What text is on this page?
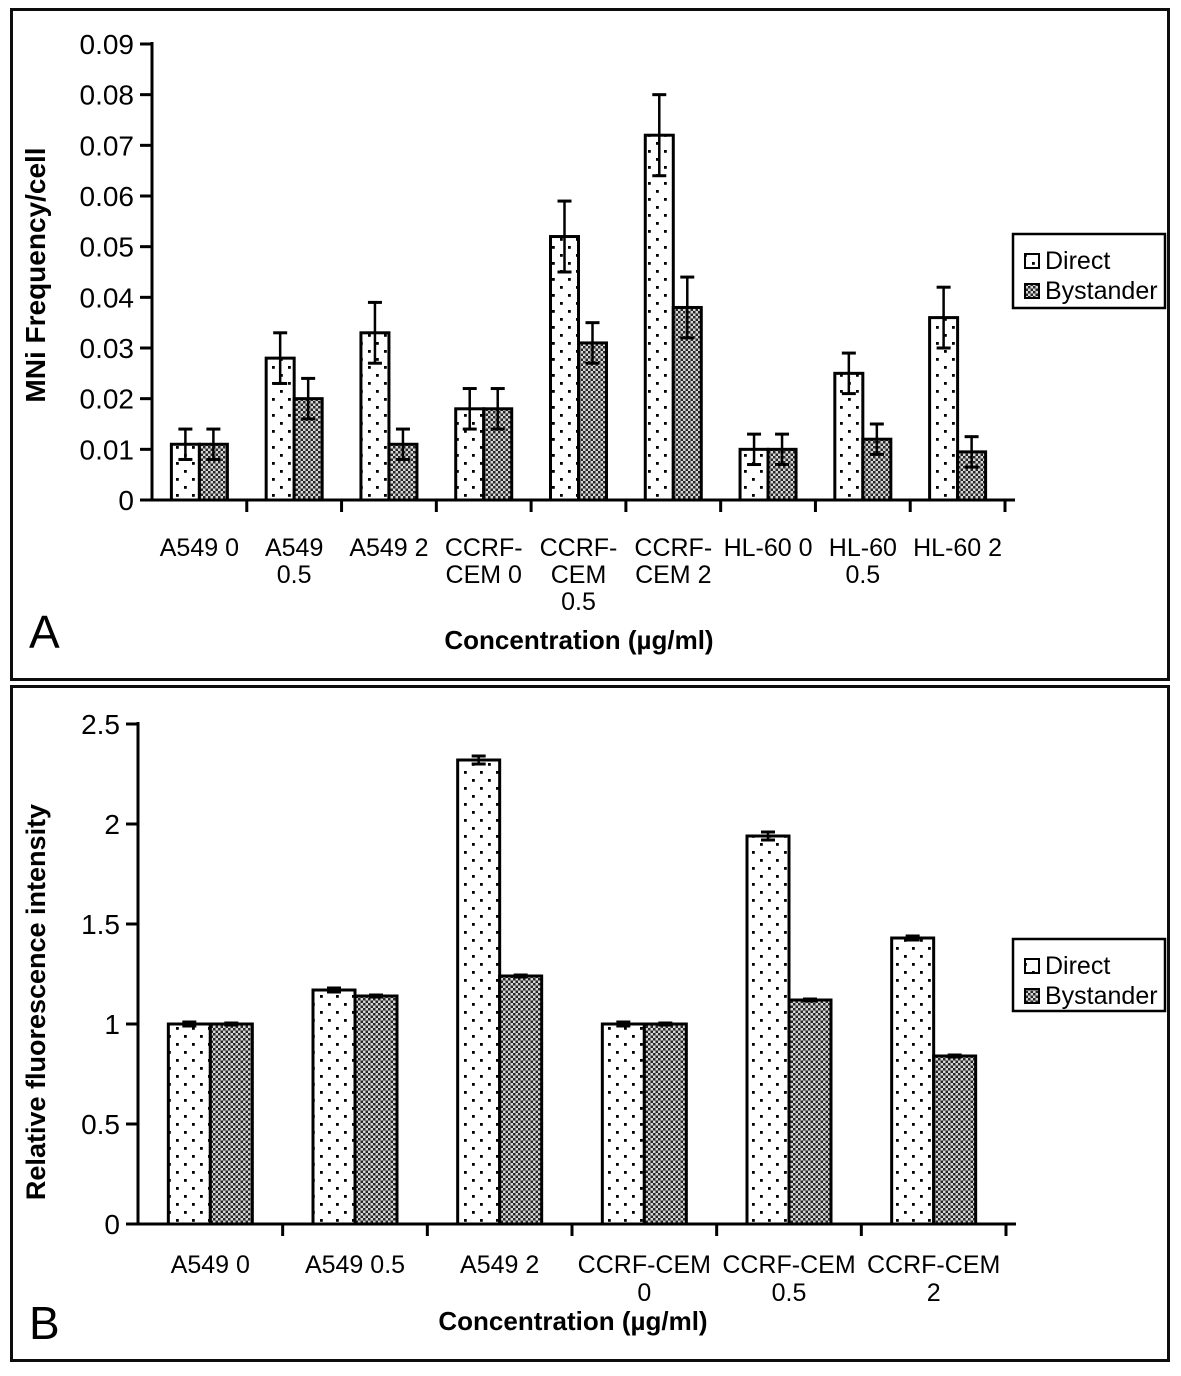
0
0.01
0.02
0.03
0.04
0.05
0.06
0.07
0.08
0.09
A549 0 A549
0.5
A549 2 CCRF-
CEM 0
CCRF-
CEM
0.5
CCRF-
CEM 2
HL-60 0 HL-60
0.5
HL-60 2
Concentration (µg/ml)
MNi Frequency/cell	Direct
Bystander
A
0
0.5
1
1.5
2
2.5
A549 0 A549 0.5 A549 2 CCRF-CEM
0
CCRF-CEM
0.5
CCRF-CEM
2
Concentration (µg/ml)
Relative fluorescence intensity	Direct
Bystander
B
